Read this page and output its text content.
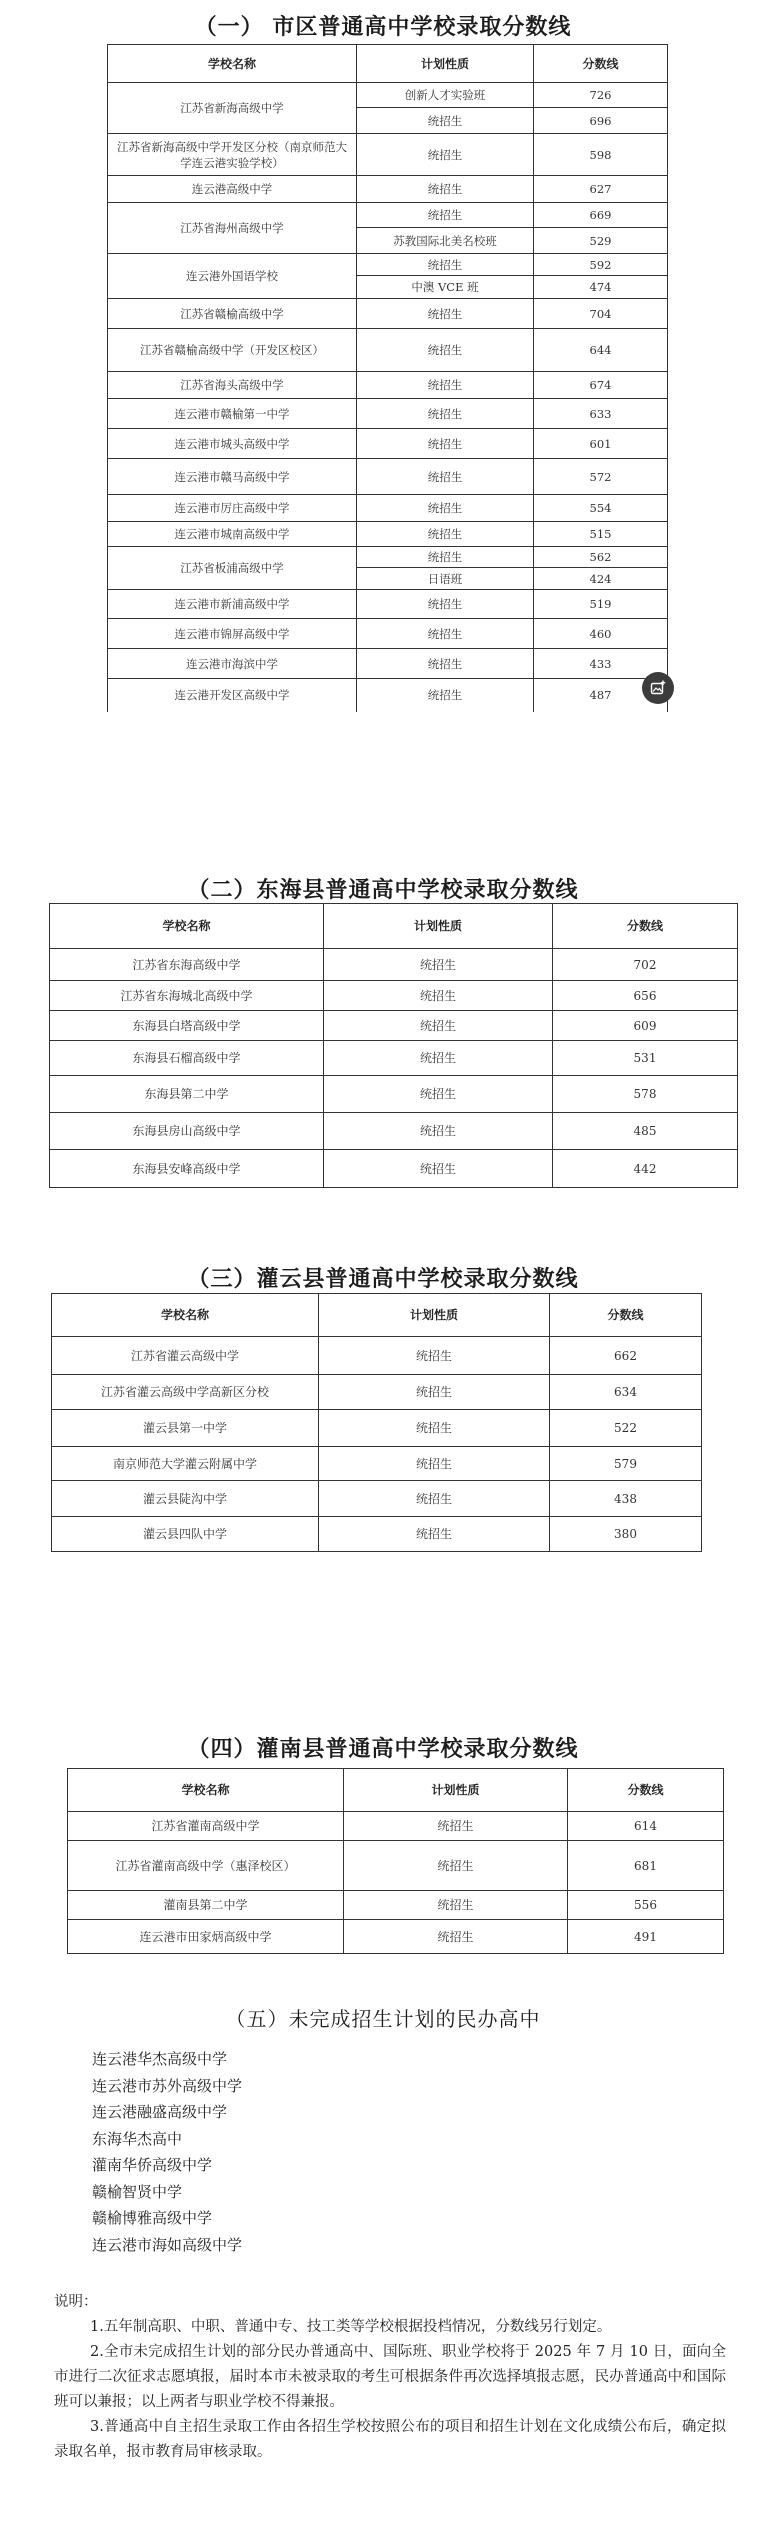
（一） 市区普通高中学校录取分数线
学校名称	计划性质	分数线
江苏省新海高级中学	创新人才实验班	726
	统招生	696
江苏省新海高级中学开发区分校（南京师范大学连云港实验学校）	统招生	598
连云港高级中学	统招生	627
江苏省海州高级中学	统招生	669
	苏教国际北美名校班	529
连云港外国语学校	统招生	592
	中澳 VCE 班	474
江苏省赣榆高级中学	统招生	704
江苏省赣榆高级中学（开发区校区）	统招生	644
江苏省海头高级中学	统招生	674
连云港市赣榆第一中学	统招生	633
连云港市城头高级中学	统招生	601
连云港市赣马高级中学	统招生	572
连云港市厉庄高级中学	统招生	554
连云港市城南高级中学	统招生	515
江苏省板浦高级中学	统招生	562
	日语班	424
连云港市新浦高级中学	统招生	519
连云港市锦屏高级中学	统招生	460
连云港市海滨中学	统招生	433
连云港开发区高级中学	统招生	487
（二）东海县普通高中学校录取分数线
学校名称	计划性质	分数线
江苏省东海高级中学	统招生	702
江苏省东海城北高级中学	统招生	656
东海县白塔高级中学	统招生	609
东海县石榴高级中学	统招生	531
东海县第二中学	统招生	578
东海县房山高级中学	统招生	485
东海县安峰高级中学	统招生	442
（三）灌云县普通高中学校录取分数线
学校名称	计划性质	分数线
江苏省灌云高级中学	统招生	662
江苏省灌云高级中学高新区分校	统招生	634
灌云县第一中学	统招生	522
南京师范大学灌云附属中学	统招生	579
灌云县陡沟中学	统招生	438
灌云县四队中学	统招生	380
（四）灌南县普通高中学校录取分数线
学校名称	计划性质	分数线
江苏省灌南高级中学	统招生	614
江苏省灌南高级中学（惠泽校区）	统招生	681
灌南县第二中学	统招生	556
连云港市田家炳高级中学	统招生	491
（五）未完成招生计划的民办高中
连云港华杰高级中学
连云港市苏外高级中学
连云港融盛高级中学
东海华杰高中
灌南华侨高级中学
赣榆智贤中学
赣榆博雅高级中学
连云港市海如高级中学

说明：

1.五年制高职、中职、普通中专、技工类等学校根据投档情况，分数线另行划定。

2.全市未完成招生计划的部分民办普通高中、国际班、职业学校将于 2025 年 7 月 10 日，面向全市进行二次征求志愿填报，届时本市未被录取的考生可根据条件再次选择填报志愿，民办普通高中和国际班可以兼报；以上两者与职业学校不得兼报。

3.普通高中自主招生录取工作由各招生学校按照公布的项目和招生计划在文化成绩公布后，确定拟录取名单，报市教育局审核录取。
